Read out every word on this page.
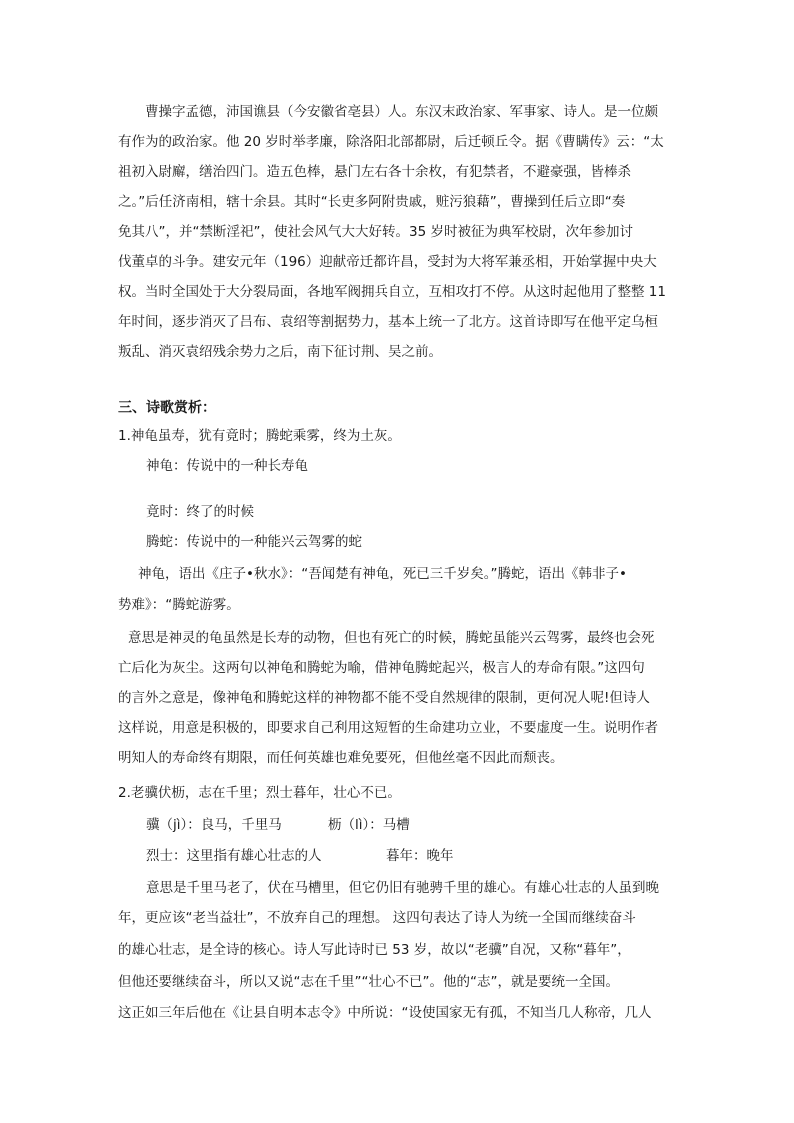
曹操字孟德，沛国谯县（今安徽省亳县）人。东汉末政治家、军事家、诗人。是一位颇
有作为的政治家。他 20 岁时举孝廉，除洛阳北部都尉，后迁顿丘令。据《曹瞒传》云：“太
祖初入尉廨，缮治四门。造五色棒，悬门左右各十余枚，有犯禁者，不避豪强，皆棒杀
之。”后任济南相，辖十余县。其时“长吏多阿附贵戚，赃污狼藉”，曹操到任后立即“奏
免其八”，并“禁断淫祀”，使社会风气大大好转。35 岁时被征为典军校尉，次年参加讨
伐董卓的斗争。建安元年（196）迎献帝迁都许昌，受封为大将军兼丞相，开始掌握中央大
权。当时全国处于大分裂局面，各地军阀拥兵自立，互相攻打不停。从这时起他用了整整 11
年时间，逐步消灭了吕布、袁绍等割据势力，基本上统一了北方。这首诗即写在他平定乌桓
叛乱、消灭袁绍残余势力之后，南下征讨荆、吴之前。
三、诗歌赏析：
1.神龟虽寿，犹有竟时；腾蛇乘雾，终为土灰。
神龟：传说中的一种长寿龟
竟时：终了的时候
腾蛇：传说中的一种能兴云驾雾的蛇
神龟，语出《庄子•秋水》：“吾闻楚有神龟，死已三千岁矣。”腾蛇，语出《韩非子•
势难》：“腾蛇游雾。
意思是神灵的龟虽然是长寿的动物，但也有死亡的时候，腾蛇虽能兴云驾雾，最终也会死
亡后化为灰尘。这两句以神龟和腾蛇为喻，借神龟腾蛇起兴，极言人的寿命有限。”这四句
的言外之意是，像神龟和腾蛇这样的神物都不能不受自然规律的限制，更何况人呢!但诗人
这样说，用意是积极的，即要求自己利用这短暂的生命建功立业，不要虚度一生。说明作者
明知人的寿命终有期限，而任何英雄也难免要死，但他丝毫不因此而颓丧。
2.老骥伏枥，志在千里；烈士暮年，壮心不已。
骥（jì）：良马，千里马	枥（lì）：马槽
烈士：这里指有雄心壮志的人	暮年：晚年
意思是千里马老了，伏在马槽里，但它仍旧有驰骋千里的雄心。有雄心壮志的人虽到晚
年，更应该“老当益壮”，不放弃自己的理想。 这四句表达了诗人为统一全国而继续奋斗
的雄心壮志，是全诗的核心。诗人写此诗时已 53 岁，故以“老骥”自况，又称“暮年”，
但他还要继续奋斗，所以又说“志在千里”“壮心不已”。他的“志”，就是要统一全国。
这正如三年后他在《让县自明本志令》中所说：“设使国家无有孤，不知当几人称帝，几人
